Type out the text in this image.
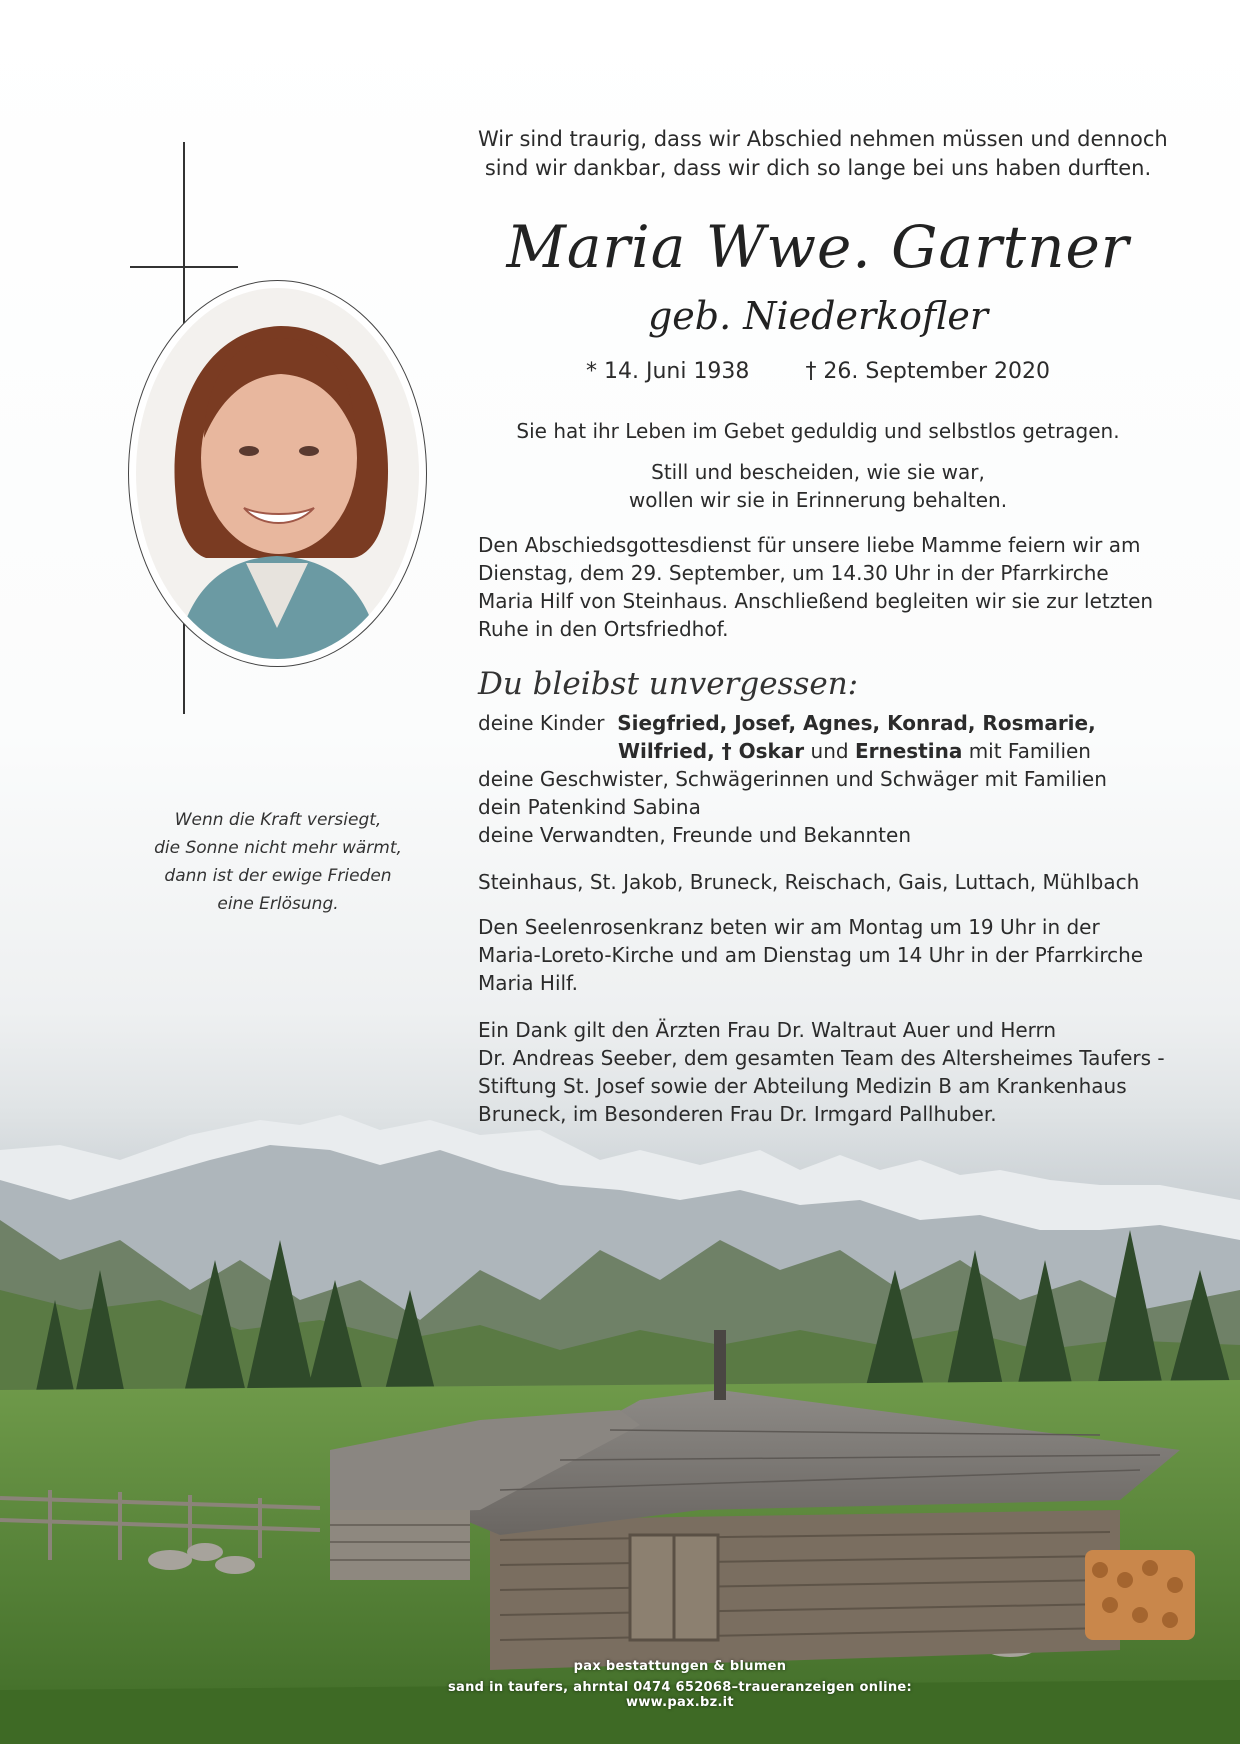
Wenn die Kraft versiegt,
die Sonne nicht mehr wärmt,
dann ist der ewige Frieden
eine Erlösung.
Wir sind traurig, dass wir Abschied nehmen müssen und dennoch
sind wir dankbar, dass wir dich so lange bei uns haben durften.
Maria Wwe. Gartner
geb. Niederkofler
* 14. Juni 1938	† 26. September 2020
Sie hat ihr Leben im Gebet geduldig und selbstlos getragen.
Still und bescheiden, wie sie war,
wollen wir sie in Erinnerung behalten.
Den Abschiedsgottesdienst für unsere liebe Mamme feiern wir am
Dienstag, dem 29. September, um 14.30 Uhr in der Pfarrkirche
Maria Hilf von Steinhaus. Anschließend begleiten wir sie zur letzten
Ruhe in den Ortsfriedhof.
Du bleibst unvergessen:
deine Kinder Siegfried, Josef, Agnes, Konrad, Rosmarie,
Wilfried, † Oskar und Ernestina mit Familien
deine Geschwister, Schwägerinnen und Schwäger mit Familien
dein Patenkind Sabina
deine Verwandten, Freunde und Bekannten
Steinhaus, St. Jakob, Bruneck, Reischach, Gais, Luttach, Mühlbach
Den Seelenrosenkranz beten wir am Montag um 19 Uhr in der
Maria-Loreto-Kirche und am Dienstag um 14 Uhr in der Pfarrkirche
Maria Hilf.
Ein Dank gilt den Ärzten Frau Dr. Waltraut Auer und Herrn
Dr. Andreas Seeber, dem gesamten Team des Altersheimes Taufers -
Stiftung St. Josef sowie der Abteilung Medizin B am Krankenhaus
Bruneck, im Besonderen Frau Dr. Irmgard Pallhuber.
pax bestattungen & blumen
sand in taufers, ahrntal 0474 652068–traueranzeigen online: www.pax.bz.it
